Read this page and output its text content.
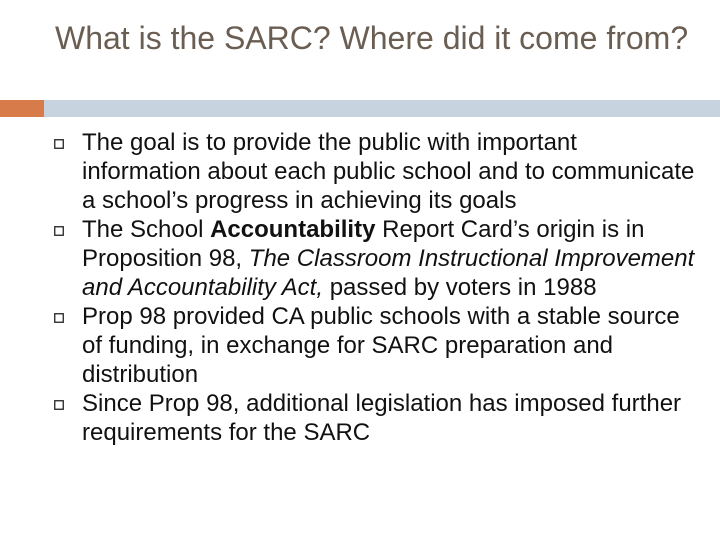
What is the SARC? Where did it come from?
The goal is to provide the public with important information about each public school and to communicate a school’s progress in achieving its goals
The School Accountability Report Card’s origin is in Proposition 98, The Classroom Instructional Improvement and Accountability Act, passed by voters in 1988
Prop 98 provided CA public schools with a stable source of funding, in exchange for SARC preparation and distribution
Since Prop 98, additional legislation has imposed further requirements for the SARC
